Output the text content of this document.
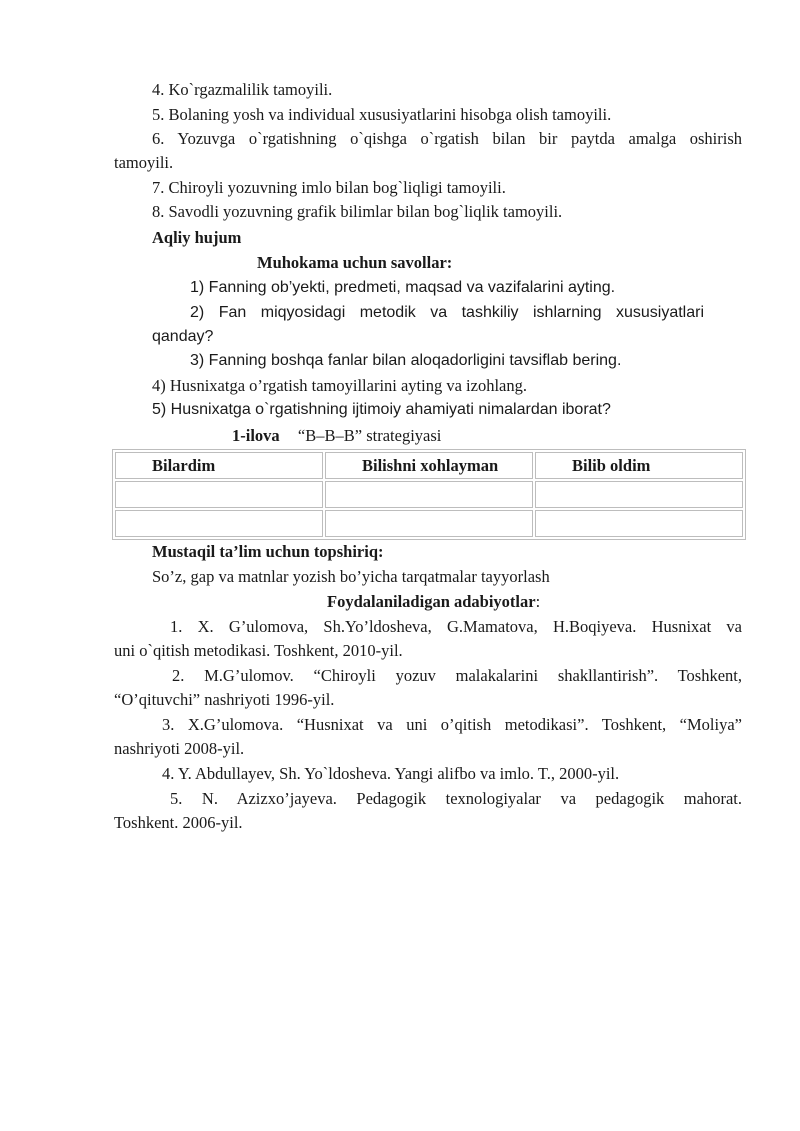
4. Ko`rgazmalilik tamoyili.
5. Bolaning yosh va individual xususiyatlarini hisobga olish tamoyili.
6. Yozuvga o`rgatishning o`qishga o`rgatish bilan bir paytda amalga oshirish
tamoyili.
7. Chiroyli yozuvning imlo bilan bog`liqligi tamoyili.
8. Savodli yozuvning grafik bilimlar bilan bog`liqlik tamoyili.
Aqliy hujum
Muhokama uchun savollar:
1) Fanning ob’yekti, predmeti, maqsad va vazifalarini ayting.
2) Fan miqyosidagi metodik va tashkiliy ishlarning xususiyatlari
qanday?
3) Fanning boshqa fanlar bilan aloqadorligini tavsiflab bering.
4) Husnixatga o’rgatish tamoyillarini ayting va izohlang.
5) Husnixatga o`rgatishning ijtimoiy ahamiyati nimalardan iborat?
1-ilova “B–B–B” strategiyasi
Bilardim	Bilishni xohlayman	Bilib oldim

Mustaqil ta’lim uchun topshiriq:
So’z, gap va matnlar yozish bo’yicha tarqatmalar tayyorlash
Foydalaniladigan adabiyotlar:
1. X. G’ulomova, Sh.Yo’ldosheva, G.Mamatova, H.Boqiyeva. Husnixat va
uni o`qitish metodikasi. Toshkent, 2010-yil.
2. M.G’ulomov. “Chiroyli yozuv malakalarini shakllantirish”. Toshkent,
“O’qituvchi” nashriyoti 1996-yil.
3. X.G’ulomova. “Husnixat va uni o’qitish metodikasi”. Toshkent, “Moliya”
nashriyoti 2008-yil.
4. Y. Abdullayev, Sh. Yo`ldosheva. Yangi alifbo va imlo. T., 2000-yil.
5. N. Azizxo’jayeva. Pedagogik texnologiyalar va pedagogik mahorat.
Toshkent. 2006-yil.
